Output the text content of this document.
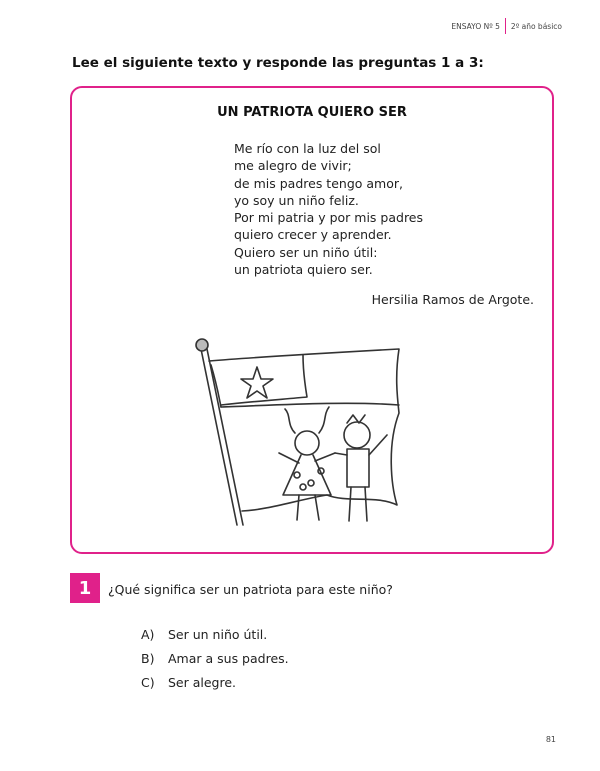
ENSAYO Nº 5 2º año básico
Lee el siguiente texto y responde las preguntas 1 a 3:
UN PATRIOTA QUIERO SER
Me río con la luz del sol
me alegro de vivir;
de mis padres tengo amor,
yo soy un niño feliz.
Por mi patria y por mis padres
quiero crecer y aprender.
Quiero ser un niño útil:
un patriota quiero ser.
Hersilia Ramos de Argote.
1	¿Qué significa ser un patriota para este niño?
A)	Ser un niño útil.
B)	Amar a sus padres.
C)	Ser alegre.
81
